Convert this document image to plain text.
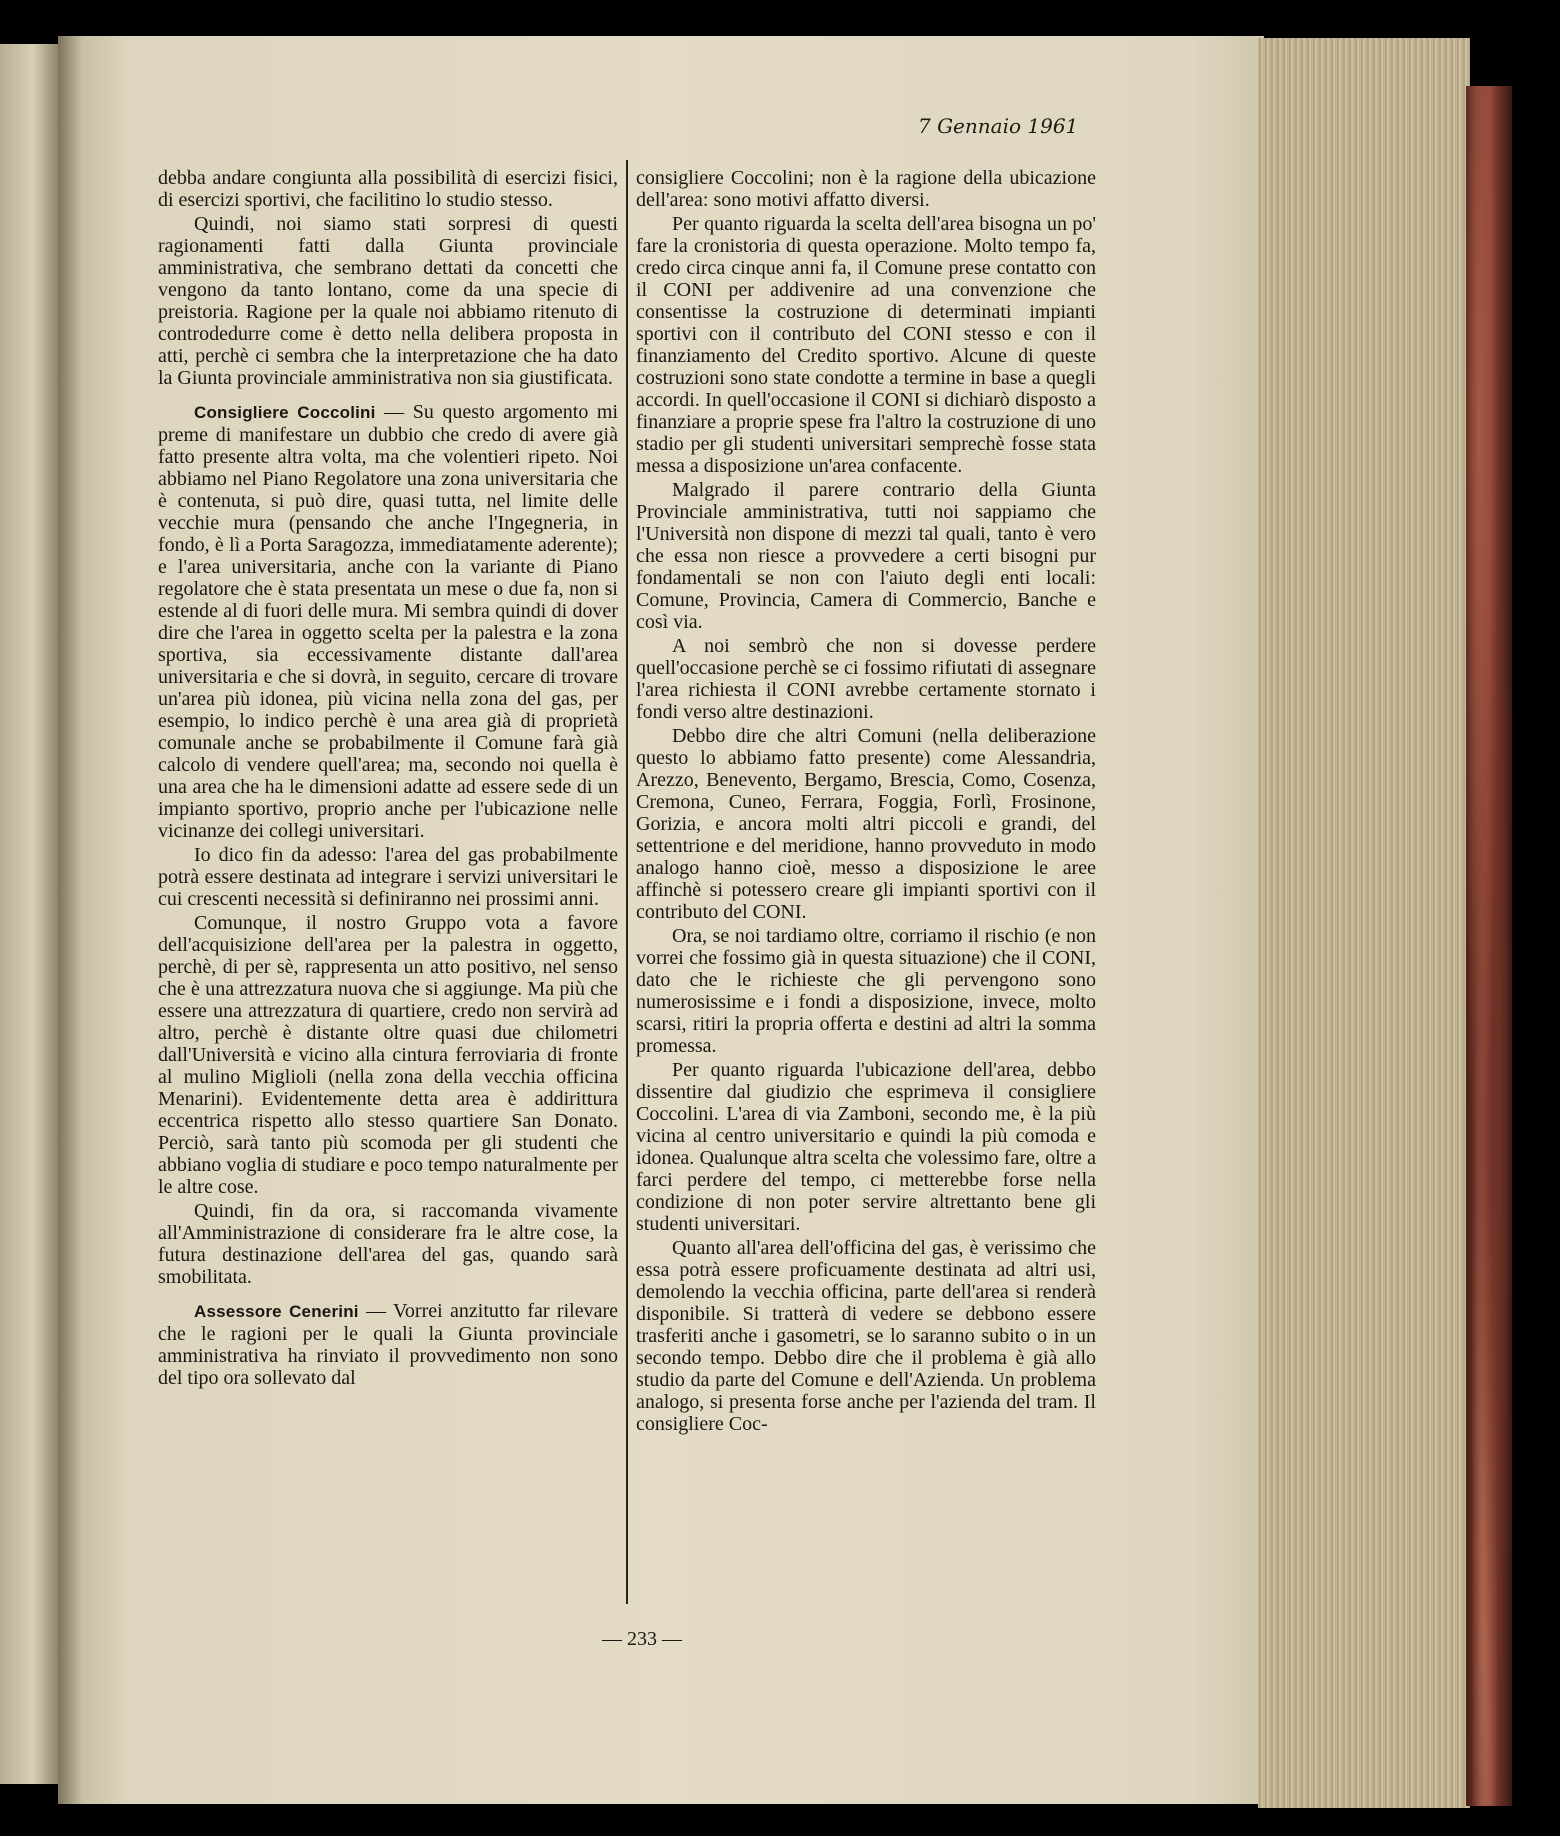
7 Gennaio 1961

debba andare congiunta alla possibilità di esercizi fisici, di esercizi sportivi, che facilitino lo studio stesso.

Quindi, noi siamo stati sorpresi di questi ragionamenti fatti dalla Giunta provinciale amministrativa, che sembrano dettati da concetti che vengono da tanto lontano, come da una specie di preistoria. Ragione per la quale noi abbiamo ritenuto di controdedurre come è detto nella delibera proposta in atti, perchè ci sembra che la interpretazione che ha dato la Giunta provinciale amministrativa non sia giustificata.

Consigliere Coccolini — Su questo argomento mi preme di manifestare un dubbio che credo di avere già fatto presente altra volta, ma che volentieri ripeto. Noi abbiamo nel Piano Regolatore una zona universitaria che è contenuta, si può dire, quasi tutta, nel limite delle vecchie mura (pensando che anche l'Ingegneria, in fondo, è lì a Porta Saragozza, immediatamente aderente); e l'area universitaria, anche con la variante di Piano regolatore che è stata presentata un mese o due fa, non si estende al di fuori delle mura. Mi sembra quindi di dover dire che l'area in oggetto scelta per la palestra e la zona sportiva, sia eccessivamente distante dall'area universitaria e che si dovrà, in seguito, cercare di trovare un'area più idonea, più vicina nella zona del gas, per esempio, lo indico perchè è una area già di proprietà comunale anche se probabilmente il Comune farà già calcolo di vendere quell'area; ma, secondo noi quella è una area che ha le dimensioni adatte ad essere sede di un impianto sportivo, proprio anche per l'ubicazione nelle vicinanze dei collegi universitari.

Io dico fin da adesso: l'area del gas probabilmente potrà essere destinata ad integrare i servizi universitari le cui crescenti necessità si definiranno nei prossimi anni.

Comunque, il nostro Gruppo vota a favore dell'acquisizione dell'area per la palestra in oggetto, perchè, di per sè, rappresenta un atto positivo, nel senso che è una attrezzatura nuova che si aggiunge. Ma più che essere una attrezzatura di quartiere, credo non servirà ad altro, perchè è distante oltre quasi due chilometri dall'Università e vicino alla cintura ferroviaria di fronte al mulino Miglioli (nella zona della vecchia officina Menarini). Evidentemente detta area è addirittura eccentrica rispetto allo stesso quartiere San Donato. Perciò, sarà tanto più scomoda per gli studenti che abbiano voglia di studiare e poco tempo naturalmente per le altre cose.

Quindi, fin da ora, si raccomanda vivamente all'Amministrazione di considerare fra le altre cose, la futura destinazione dell'area del gas, quando sarà smobilitata.

Assessore Cenerini — Vorrei anzitutto far rilevare che le ragioni per le quali la Giunta provinciale amministrativa ha rinviato il provvedimento non sono del tipo ora sollevato dal

consigliere Coccolini; non è la ragione della ubicazione dell'area: sono motivi affatto diversi.

Per quanto riguarda la scelta dell'area bisogna un po' fare la cronistoria di questa operazione. Molto tempo fa, credo circa cinque anni fa, il Comune prese contatto con il CONI per addivenire ad una convenzione che consentisse la costruzione di determinati impianti sportivi con il contributo del CONI stesso e con il finanziamento del Credito sportivo. Alcune di queste costruzioni sono state condotte a termine in base a quegli accordi. In quell'occasione il CONI si dichiarò disposto a finanziare a proprie spese fra l'altro la costruzione di uno stadio per gli studenti universitari semprechè fosse stata messa a disposizione un'area confacente.

Malgrado il parere contrario della Giunta Provinciale amministrativa, tutti noi sappiamo che l'Università non dispone di mezzi tal quali, tanto è vero che essa non riesce a provvedere a certi bisogni pur fondamentali se non con l'aiuto degli enti locali: Comune, Provincia, Camera di Commercio, Banche e così via.

A noi sembrò che non si dovesse perdere quell'occasione perchè se ci fossimo rifiutati di assegnare l'area richiesta il CONI avrebbe certamente stornato i fondi verso altre destinazioni.

Debbo dire che altri Comuni (nella deliberazione questo lo abbiamo fatto presente) come Alessandria, Arezzo, Benevento, Bergamo, Brescia, Como, Cosenza, Cremona, Cuneo, Ferrara, Foggia, Forlì, Frosinone, Gorizia, e ancora molti altri piccoli e grandi, del settentrione e del meridione, hanno provveduto in modo analogo hanno cioè, messo a disposizione le aree affinchè si potessero creare gli impianti sportivi con il contributo del CONI.

Ora, se noi tardiamo oltre, corriamo il rischio (e non vorrei che fossimo già in questa situazione) che il CONI, dato che le richieste che gli pervengono sono numerosissime e i fondi a disposizione, invece, molto scarsi, ritiri la propria offerta e destini ad altri la somma promessa.

Per quanto riguarda l'ubicazione dell'area, debbo dissentire dal giudizio che esprimeva il consigliere Coccolini. L'area di via Zamboni, secondo me, è la più vicina al centro universitario e quindi la più comoda e idonea. Qualunque altra scelta che volessimo fare, oltre a farci perdere del tempo, ci metterebbe forse nella condizione di non poter servire altrettanto bene gli studenti universitari.

Quanto all'area dell'officina del gas, è verissimo che essa potrà essere proficuamente destinata ad altri usi, demolendo la vecchia officina, parte dell'area si renderà disponibile. Si tratterà di vedere se debbono essere trasferiti anche i gasometri, se lo saranno subito o in un secondo tempo. Debbo dire che il problema è già allo studio da parte del Comune e dell'Azienda. Un problema analogo, si presenta forse anche per l'azienda del tram. Il consigliere Coc-

— 233 —
